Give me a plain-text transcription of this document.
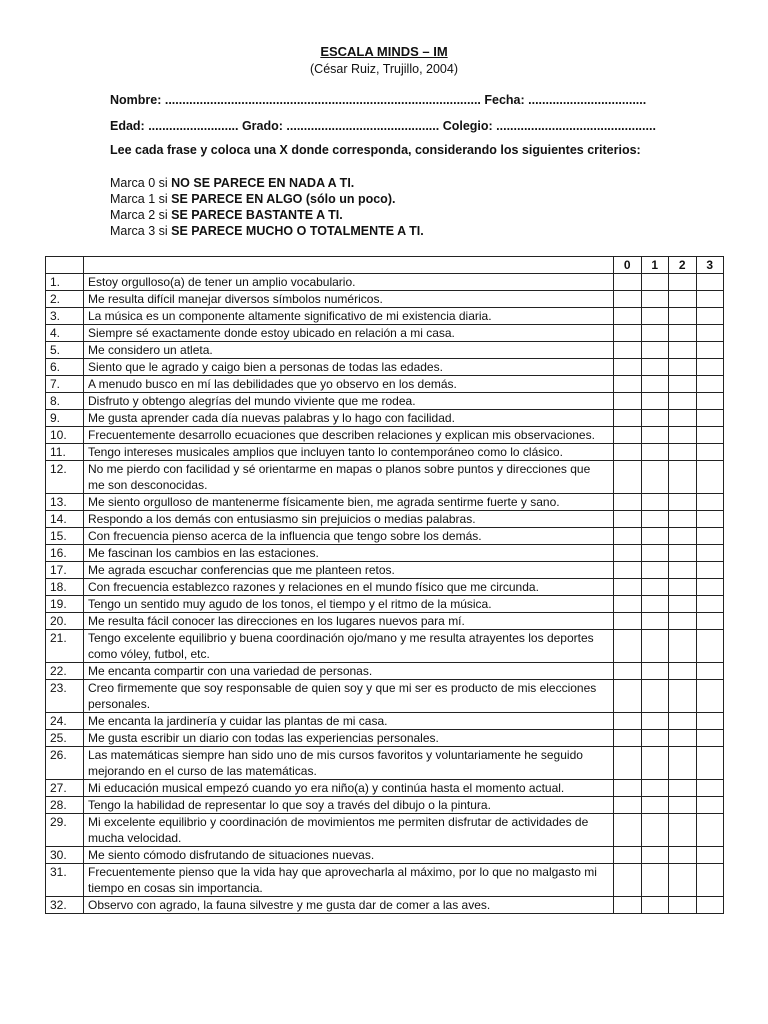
ESCALA MINDS – IM
(César Ruiz, Trujillo, 2004)
Nombre: ........................................................................................... Fecha: ..................................
Edad: .......................... Grado: ............................................ Colegio: ..............................................
Lee cada frase y coloca una X donde corresponda, considerando los siguientes criterios:
Marca 0 si NO SE PARECE EN NADA A TI.
Marca 1 si SE PARECE EN ALGO (sólo un poco).
Marca 2 si SE PARECE BASTANTE A TI.
Marca 3 si SE PARECE MUCHO O TOTALMENTE A TI.
		0	1	2	3
1.	Estoy orgulloso(a) de tener un amplio vocabulario.				
2.	Me resulta difícil manejar diversos símbolos numéricos.				
3.	La música es un componente altamente significativo de mi existencia diaria.				
4.	Siempre sé exactamente donde estoy ubicado en relación a mi casa.				
5.	Me considero un atleta.				
6.	Siento que le agrado y caigo bien a personas de todas las edades.				
7.	A menudo busco en mí las debilidades que yo observo en los demás.				
8.	Disfruto y obtengo alegrías del mundo viviente que me rodea.				
9.	Me gusta aprender cada día nuevas palabras y lo hago con facilidad.				
10.	Frecuentemente desarrollo ecuaciones que describen relaciones y explican mis observaciones.				
11.	Tengo intereses musicales amplios que incluyen tanto lo contemporáneo como lo clásico.				
12.	No me pierdo con facilidad y sé orientarme en mapas o planos sobre puntos y direcciones que me son desconocidas.				
13.	Me siento orgulloso de mantenerme físicamente bien, me agrada sentirme fuerte y sano.				
14.	Respondo a los demás con entusiasmo sin prejuicios o medias palabras.				
15.	Con frecuencia pienso acerca de la influencia que tengo sobre los demás.				
16.	Me fascinan los cambios en las estaciones.				
17.	Me agrada escuchar conferencias que me planteen retos.				
18.	Con frecuencia establezco razones y relaciones en el mundo físico que me circunda.				
19.	Tengo un sentido muy agudo de los tonos, el tiempo y el ritmo de la música.				
20.	Me resulta fácil conocer las direcciones en los lugares nuevos para mí.				
21.	Tengo excelente equilibrio y buena coordinación ojo/mano y me resulta atrayentes los deportes como vóley, futbol, etc.				
22.	Me encanta compartir con una variedad de personas.				
23.	Creo firmemente que soy responsable de quien soy y que mi ser es producto de mis elecciones personales.				
24.	Me encanta la jardinería y cuidar las plantas de mi casa.				
25.	Me gusta escribir un diario con todas las experiencias personales.				
26.	Las matemáticas siempre han sido uno de mis cursos favoritos y voluntariamente he seguido mejorando en el curso de las matemáticas.				
27.	Mi educación musical empezó cuando yo era niño(a) y continúa hasta el momento actual.				
28.	Tengo la habilidad de representar lo que soy a través del dibujo o la pintura.				
29.	Mi excelente equilibrio y coordinación de movimientos me permiten disfrutar de actividades de mucha velocidad.				
30.	Me siento cómodo disfrutando de situaciones nuevas.				
31.	Frecuentemente pienso que la vida hay que aprovecharla al máximo, por lo que no malgasto mi tiempo en cosas sin importancia.				
32.	Observo con agrado, la fauna silvestre y me gusta dar de comer a las aves.				
